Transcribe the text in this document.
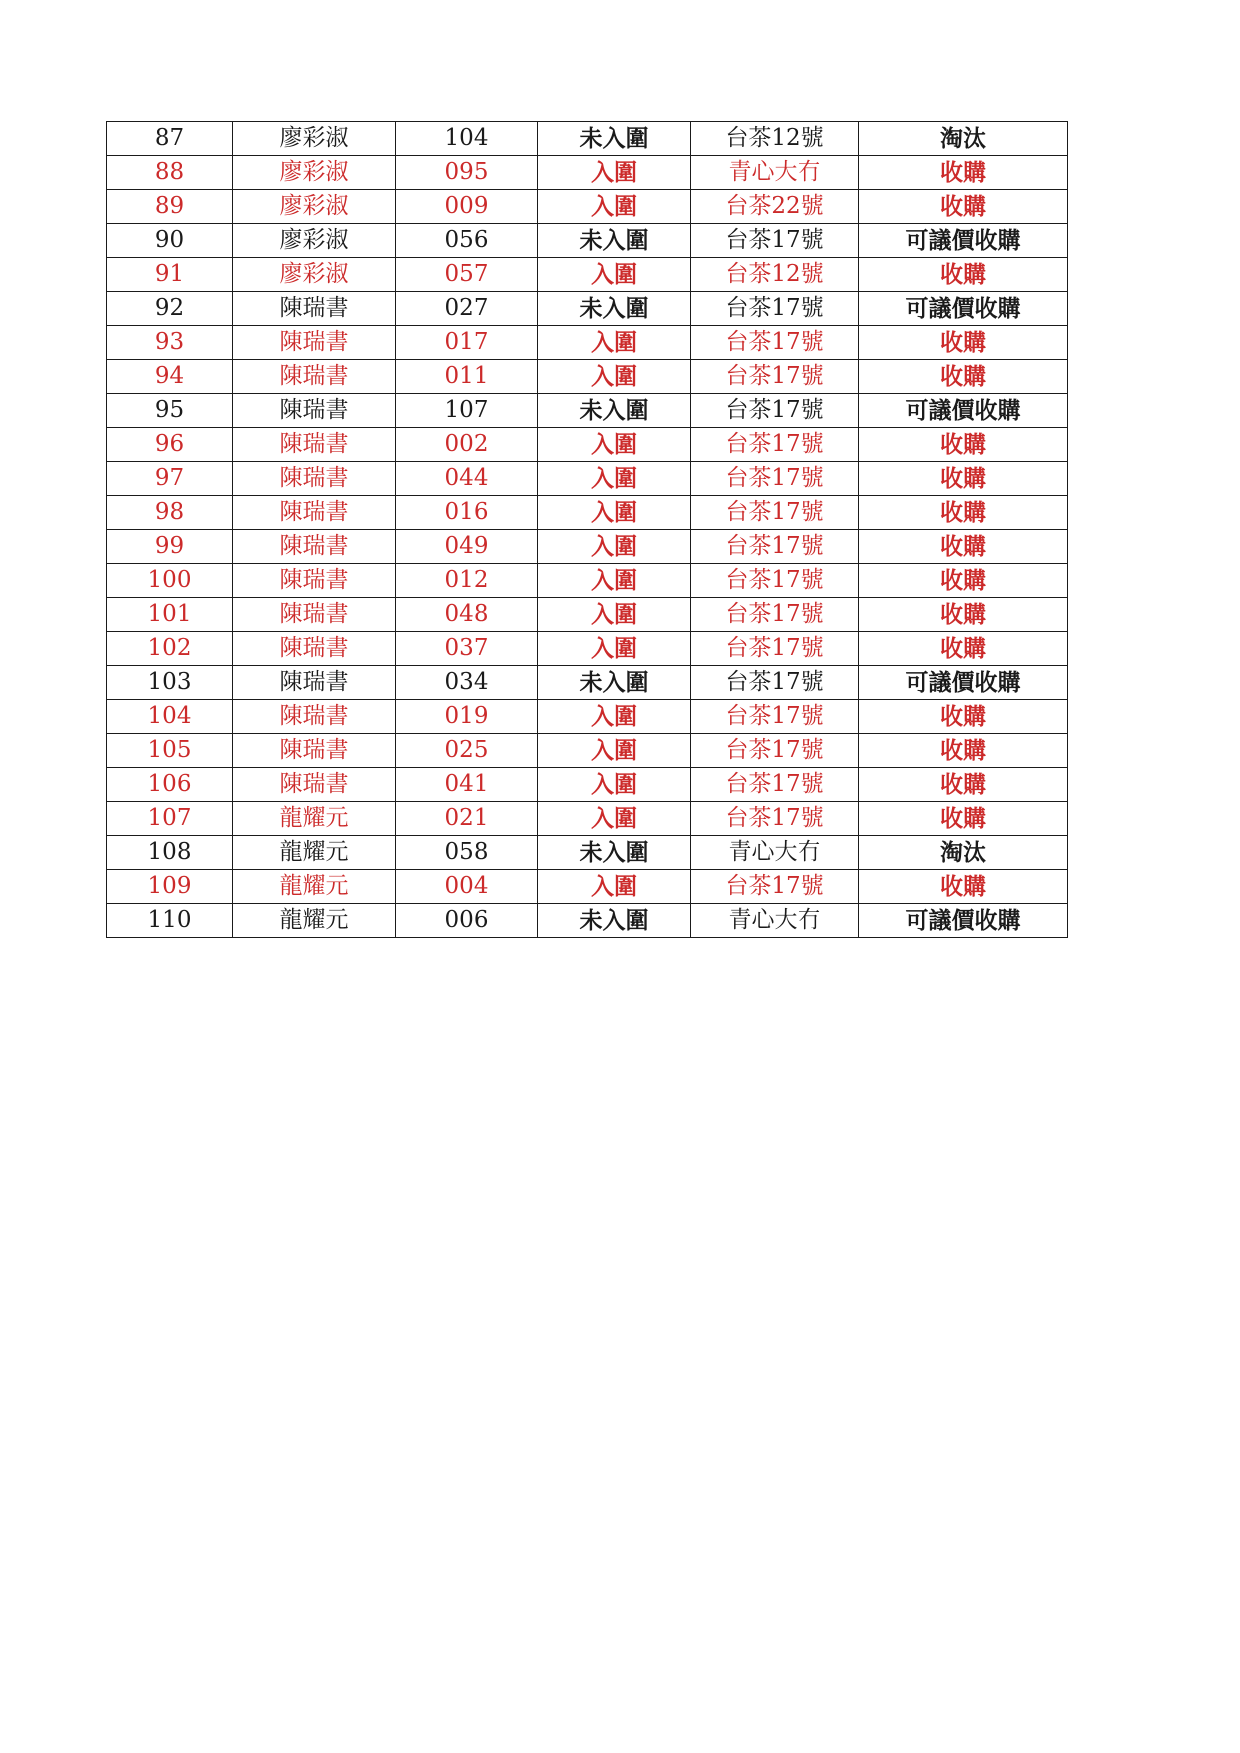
87	廖彩淑	104	未入圍	台茶12號	淘汰
88	廖彩淑	095	入圍	青心大冇	收購
89	廖彩淑	009	入圍	台茶22號	收購
90	廖彩淑	056	未入圍	台茶17號	可議價收購
91	廖彩淑	057	入圍	台茶12號	收購
92	陳瑞書	027	未入圍	台茶17號	可議價收購
93	陳瑞書	017	入圍	台茶17號	收購
94	陳瑞書	011	入圍	台茶17號	收購
95	陳瑞書	107	未入圍	台茶17號	可議價收購
96	陳瑞書	002	入圍	台茶17號	收購
97	陳瑞書	044	入圍	台茶17號	收購
98	陳瑞書	016	入圍	台茶17號	收購
99	陳瑞書	049	入圍	台茶17號	收購
100	陳瑞書	012	入圍	台茶17號	收購
101	陳瑞書	048	入圍	台茶17號	收購
102	陳瑞書	037	入圍	台茶17號	收購
103	陳瑞書	034	未入圍	台茶17號	可議價收購
104	陳瑞書	019	入圍	台茶17號	收購
105	陳瑞書	025	入圍	台茶17號	收購
106	陳瑞書	041	入圍	台茶17號	收購
107	龍耀元	021	入圍	台茶17號	收購
108	龍耀元	058	未入圍	青心大冇	淘汰
109	龍耀元	004	入圍	台茶17號	收購
110	龍耀元	006	未入圍	青心大冇	可議價收購
